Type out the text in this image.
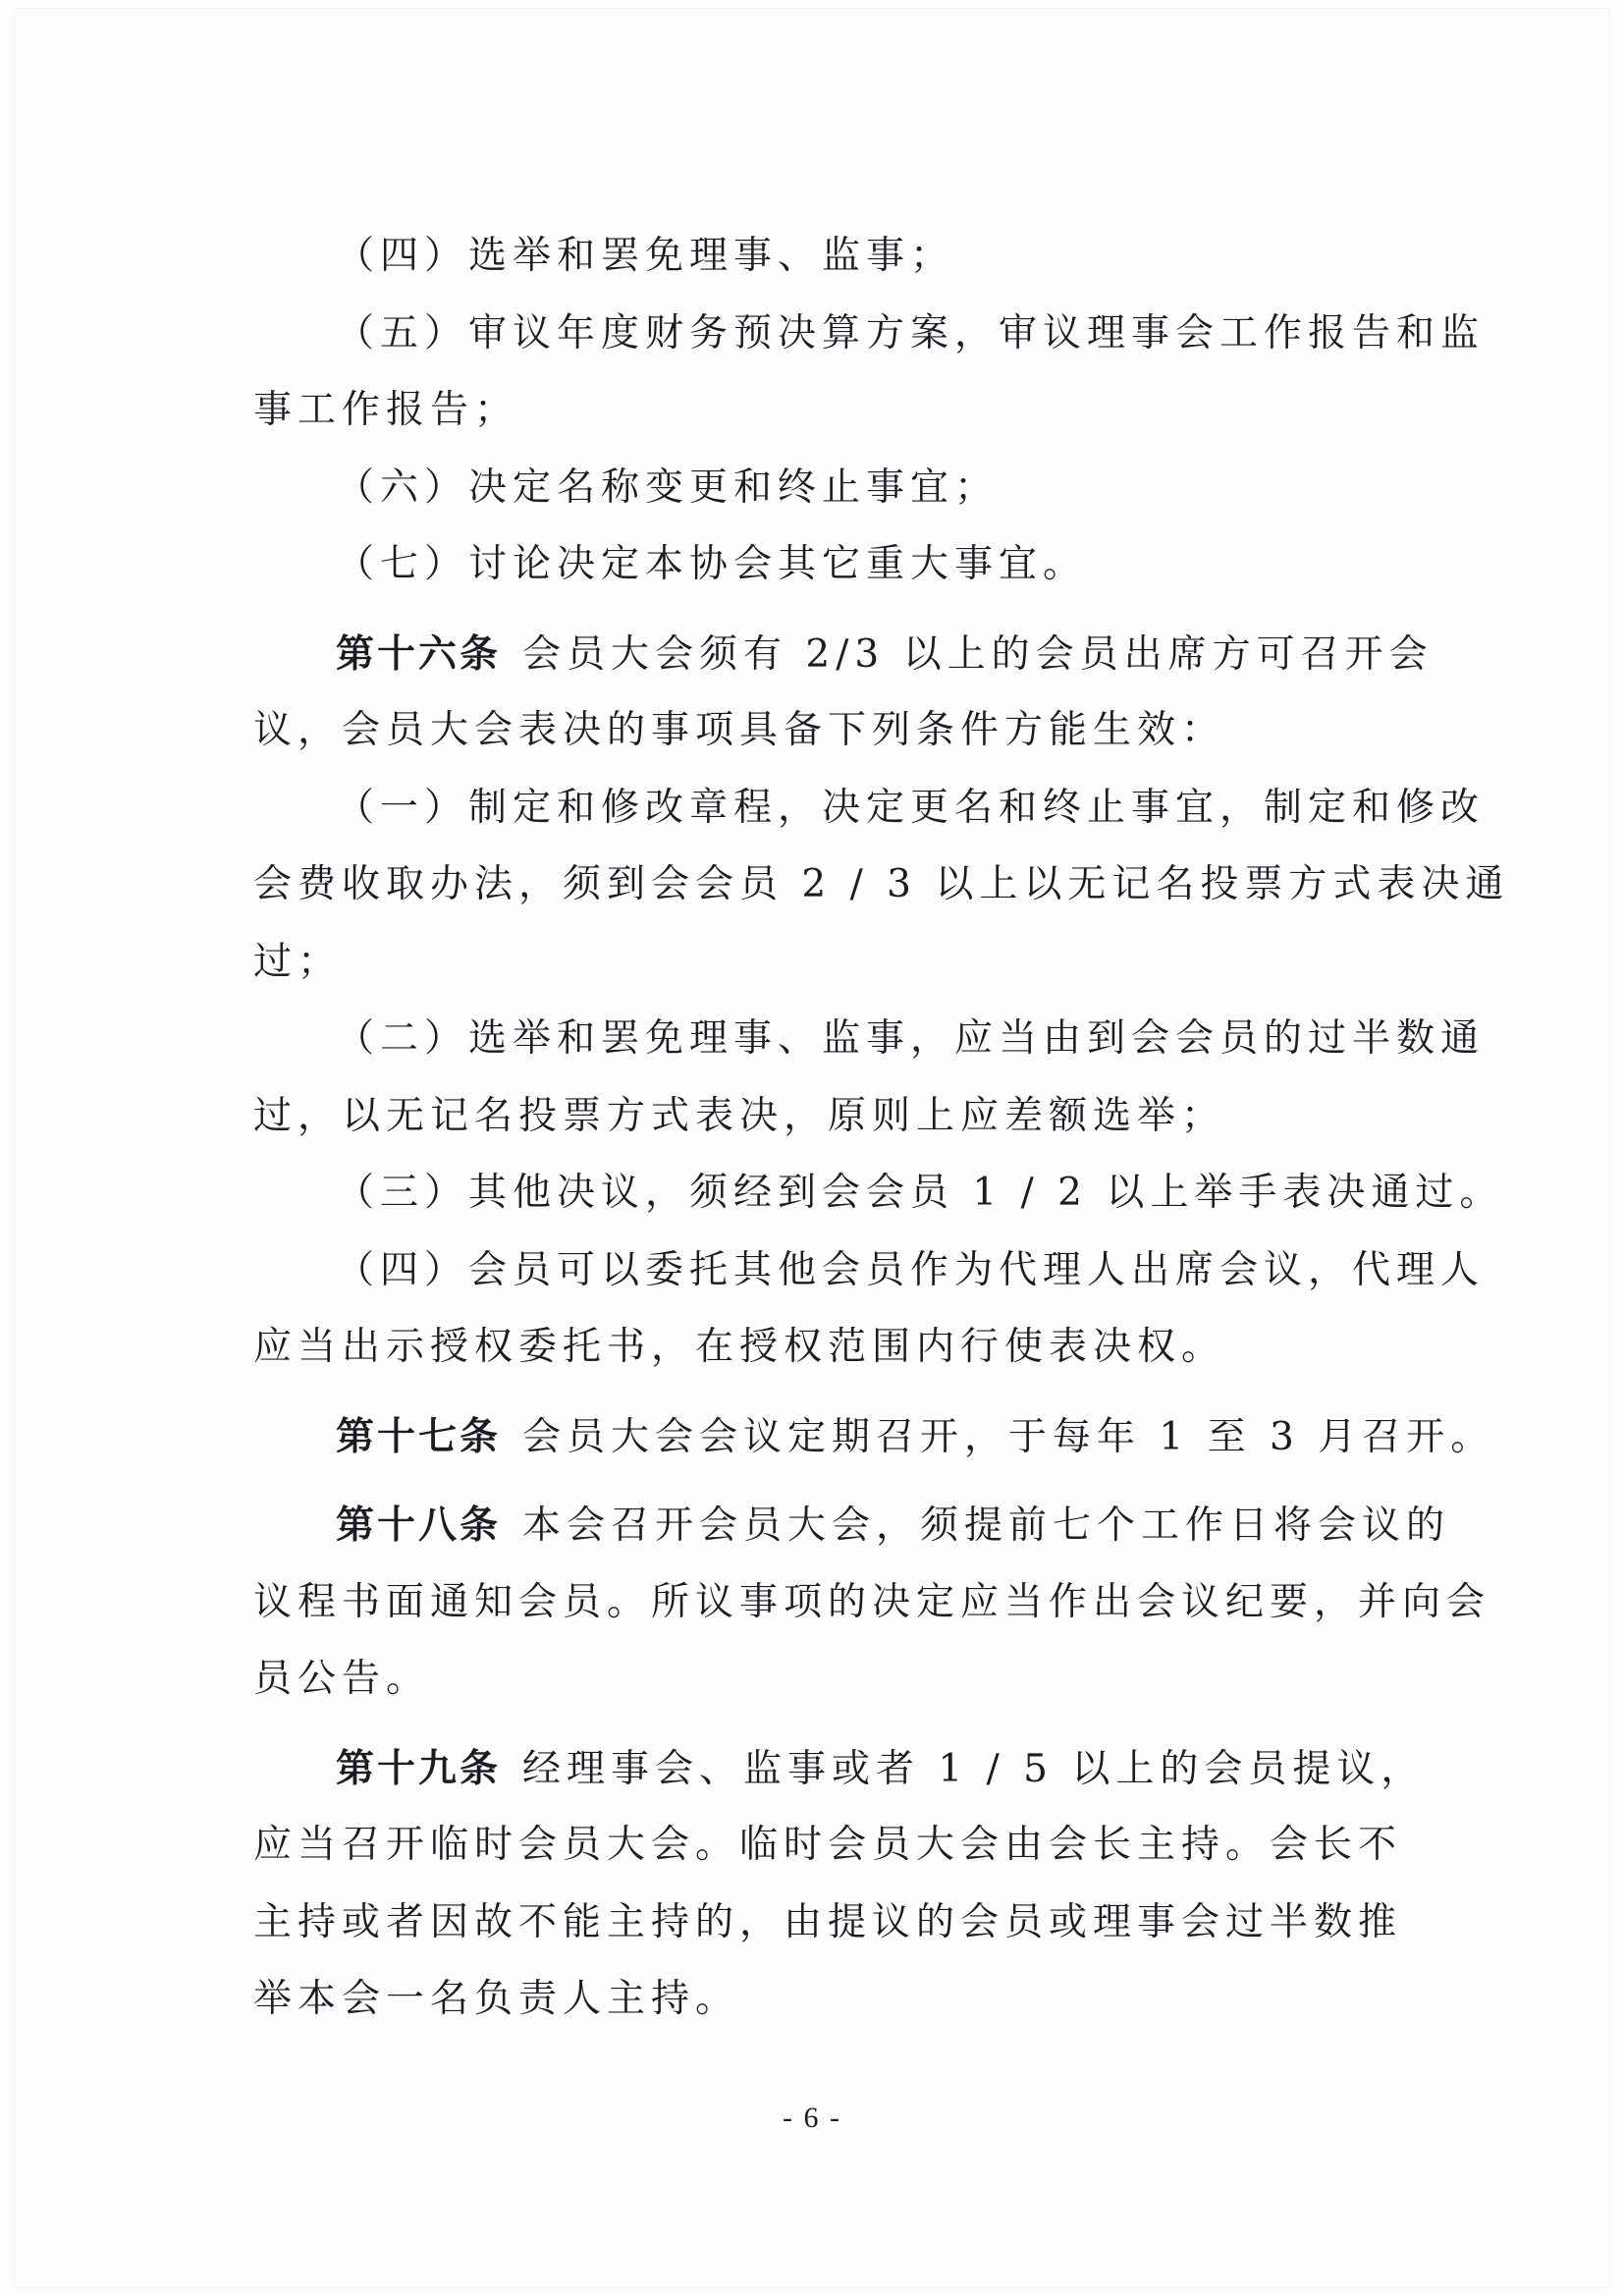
（四）选举和罢免理事、监事；
（五）审议年度财务预决算方案，审议理事会工作报告和监
事工作报告；
（六）决定名称变更和终止事宜；
（七）讨论决定本协会其它重大事宜。
第十六条 会员大会须有 2/3 以上的会员出席方可召开会
议，会员大会表决的事项具备下列条件方能生效：
（一）制定和修改章程，决定更名和终止事宜，制定和修改
会费收取办法，须到会会员 2 / 3 以上以无记名投票方式表决通
过；
（二）选举和罢免理事、监事，应当由到会会员的过半数通
过，以无记名投票方式表决，原则上应差额选举；
（三）其他决议，须经到会会员 1 / 2 以上举手表决通过。
（四）会员可以委托其他会员作为代理人出席会议，代理人
应当出示授权委托书，在授权范围内行使表决权。
第十七条 会员大会会议定期召开，于每年 1 至 3 月召开。
第十八条 本会召开会员大会，须提前七个工作日将会议的
议程书面通知会员。所议事项的决定应当作出会议纪要，并向会
员公告。
第十九条 经理事会、监事或者 1 / 5 以上的会员提议，
应当召开临时会员大会。临时会员大会由会长主持。会长不
主持或者因故不能主持的，由提议的会员或理事会过半数推
举本会一名负责人主持。
- 6 -
